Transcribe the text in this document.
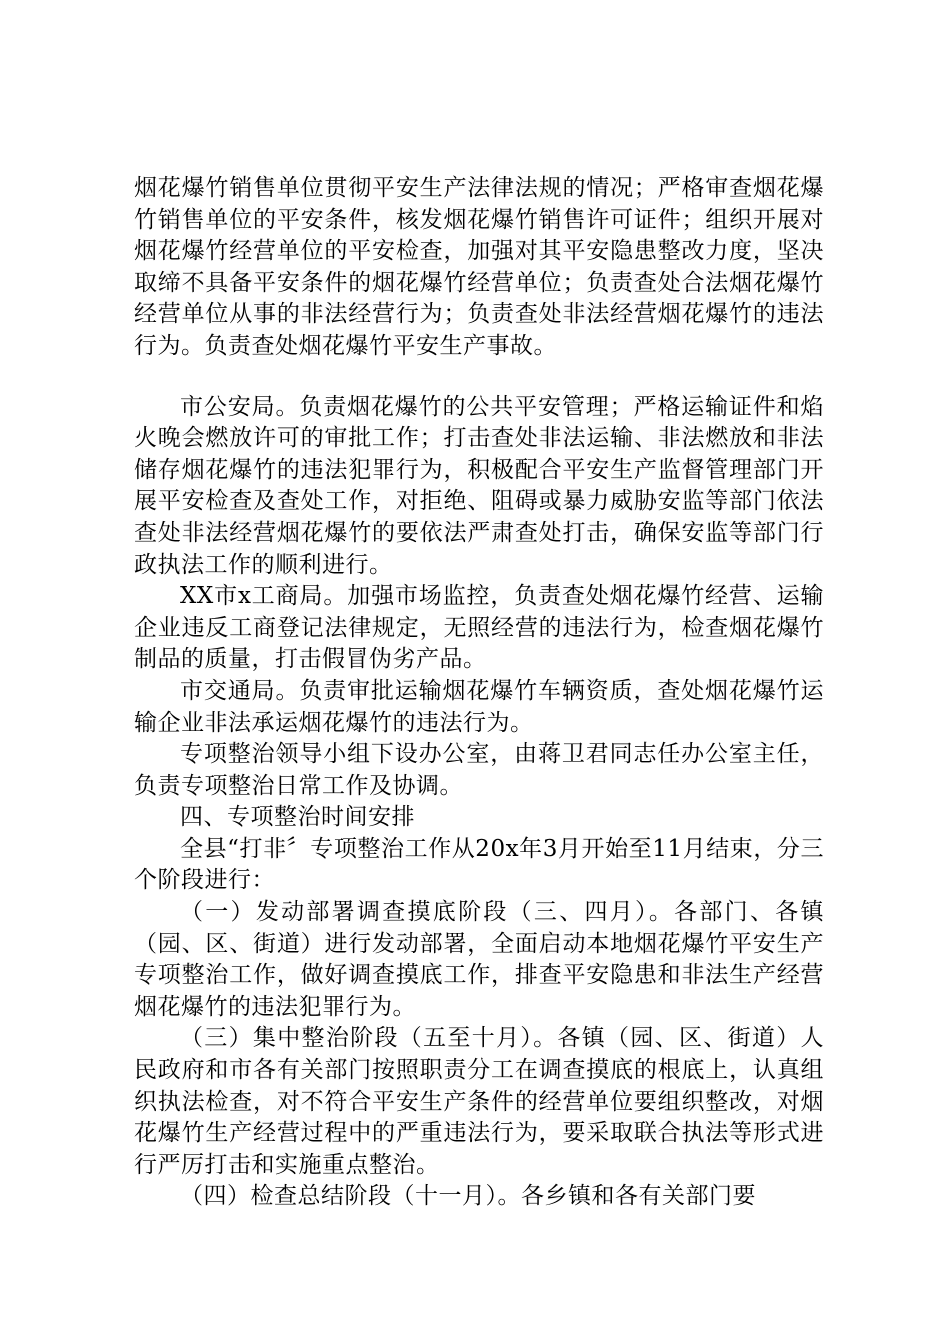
烟花爆竹销售单位贯彻平安生产法律法规的情况；严格审查烟花爆竹销售单位的平安条件，核发烟花爆竹销售许可证件；组织开展对烟花爆竹经营单位的平安检查，加强对其平安隐患整改力度，坚决取缔不具备平安条件的烟花爆竹经营单位；负责查处合法烟花爆竹经营单位从事的非法经营行为；负责查处非法经营烟花爆竹的违法行为。负责查处烟花爆竹平安生产事故。

市公安局。负责烟花爆竹的公共平安管理；严格运输证件和焰火晚会燃放许可的审批工作；打击查处非法运输、非法燃放和非法储存烟花爆竹的违法犯罪行为，积极配合平安生产监督管理部门开展平安检查及查处工作，对拒绝、阻碍或暴力威胁安监等部门依法查处非法经营烟花爆竹的要依法严肃查处打击，确保安监等部门行政执法工作的顺利进行。

XX市x工商局。加强市场监控，负责查处烟花爆竹经营、运输企业违反工商登记法律规定，无照经营的违法行为，检查烟花爆竹制品的质量，打击假冒伪劣产品。

市交通局。负责审批运输烟花爆竹车辆资质，查处烟花爆竹运输企业非法承运烟花爆竹的违法行为。

专项整治领导小组下设办公室，由蒋卫君同志任办公室主任，负责专项整治日常工作及协调。

四、专项整治时间安排

全县“打非〞专项整治工作从20x年3月开始至11月结束，分三个阶段进行：

（一）发动部署调查摸底阶段（三、四月）。各部门、各镇（园、区、街道）进行发动部署，全面启动本地烟花爆竹平安生产专项整治工作，做好调查摸底工作，排查平安隐患和非法生产经营烟花爆竹的违法犯罪行为。

（三）集中整治阶段（五至十月）。各镇（园、区、街道）人民政府和市各有关部门按照职责分工在调查摸底的根底上，认真组织执法检查，对不符合平安生产条件的经营单位要组织整改，对烟花爆竹生产经营过程中的严重违法行为，要采取联合执法等形式进行严厉打击和实施重点整治。

（四）检查总结阶段（十一月）。各乡镇和各有关部门要
